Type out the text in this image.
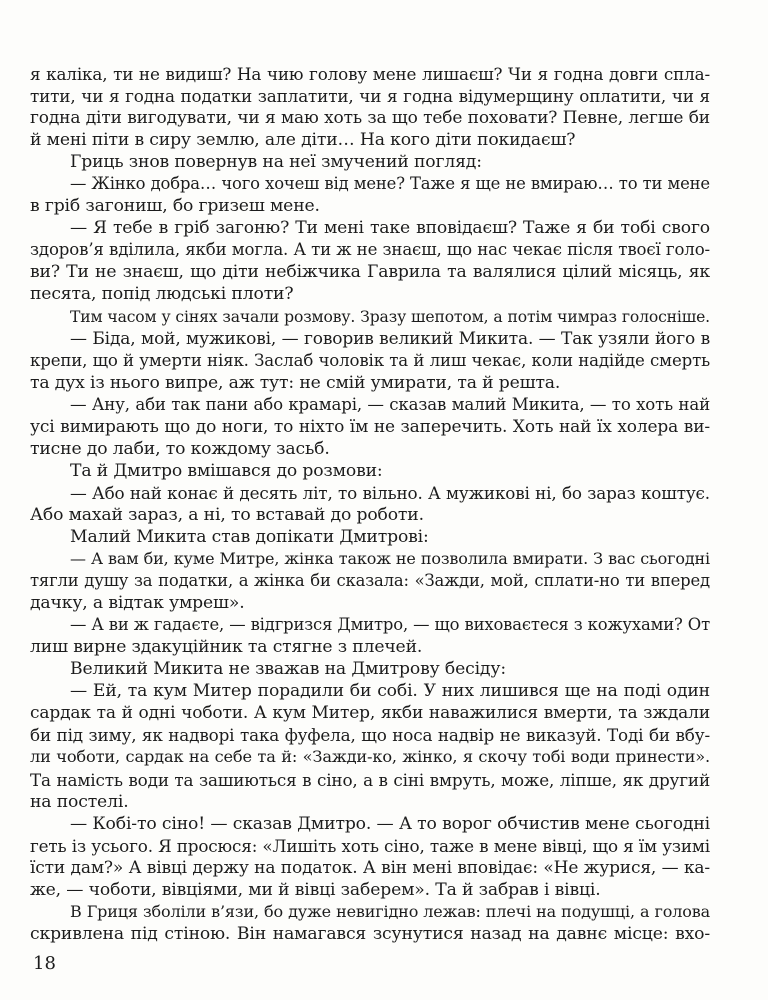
я каліка, ти не видиш? На чию голову мене лишаєш? Чи я годна довги спла-
тити, чи я годна податки заплатити, чи я годна відумерщину оплатити, чи я
годна діти вигодувати, чи я маю хоть за що тебе поховати? Певне, легше би
й мені піти в сиру землю, але діти… На кого діти покидаєш?
Гриць знов повернув на неї змучений погляд:
— Жінко добра… чого хочеш від мене? Таже я ще не вмираю… то ти мене
в гріб загониш, бо гризеш мене.
— Я тебе в гріб загоню? Ти мені таке вповідаєш? Таже я би тобі свого
здоров’я вділила, якби могла. А ти ж не знаєш, що нас чекає після твоєї голо-
ви? Ти не знаєш, що діти небіжчика Гаврила та валялися цілий місяць, як
песята, попід людські плоти?
Тим часом у сінях зачали розмову. Зразу шепотом, а потім чимраз голосніше.
— Біда, мой, мужикові, — говорив великий Микита. — Так узяли його в
крепи, що й умерти ніяк. Заслаб чоловік та й лиш чекає, коли надійде смерть
та дух із нього випре, аж тут: не смій умирати, та й решта.
— Ану, аби так пани або крамарі, — сказав малий Микита, — то хоть най
усі вимирають що до ноги, то ніхто їм не заперечить. Хоть най їх холера ви-
тисне до лаби, то кождому засьб.
Та й Дмитро вмішався до розмови:
— Або най конає й десять літ, то вільно. А мужикові ні, бо зараз коштує.
Або махай зараз, а ні, то вставай до роботи.
Малий Микита став допікати Дмитрові:
— А вам би, куме Митре, жінка також не позволила вмирати. З вас сьогодні
тягли душу за податки, а жінка би сказала: «Зажди, мой, сплати-но ти вперед
дачку, а відтак умреш».
— А ви ж гадаєте, — відгризся Дмитро, — що виховаєтеся з кожухами? От
лиш вирне здакуційник та стягне з плечей.
Великий Микита не зважав на Дмитрову бесіду:
— Ей, та кум Митер порадили би собі. У них лишився ще на поді один
сардак та й одні чоботи. А кум Митер, якби наважилися вмерти, та зждали
би під зиму, як надворі така фуфела, що носа надвір не виказуй. Тоді би вбу-
ли чоботи, сардак на себе та й: «Зажди-ко, жінко, я скочу тобі води принести».
Та намість води та зашиються в сіно, а в сіні вмруть, може, ліпше, як другий
на постелі.
— Кобі-то сіно! — сказав Дмитро. — А то ворог обчистив мене сьогодні
геть із усього. Я просюся: «Лишіть хоть сіно, таже в мене вівці, що я їм узимі
їсти дам?» А вівці держу на податок. А він мені вповідає: «Не журися, — ка-
же, — чоботи, вівціями, ми й вівці заберем». Та й забрав і вівці.
В Гриця зболіли в’язи, бо дуже невигідно лежав: плечі на подушці, а голова
скривлена під стіною. Він намагався зсунутися назад на давнє місце: вхо-
18
